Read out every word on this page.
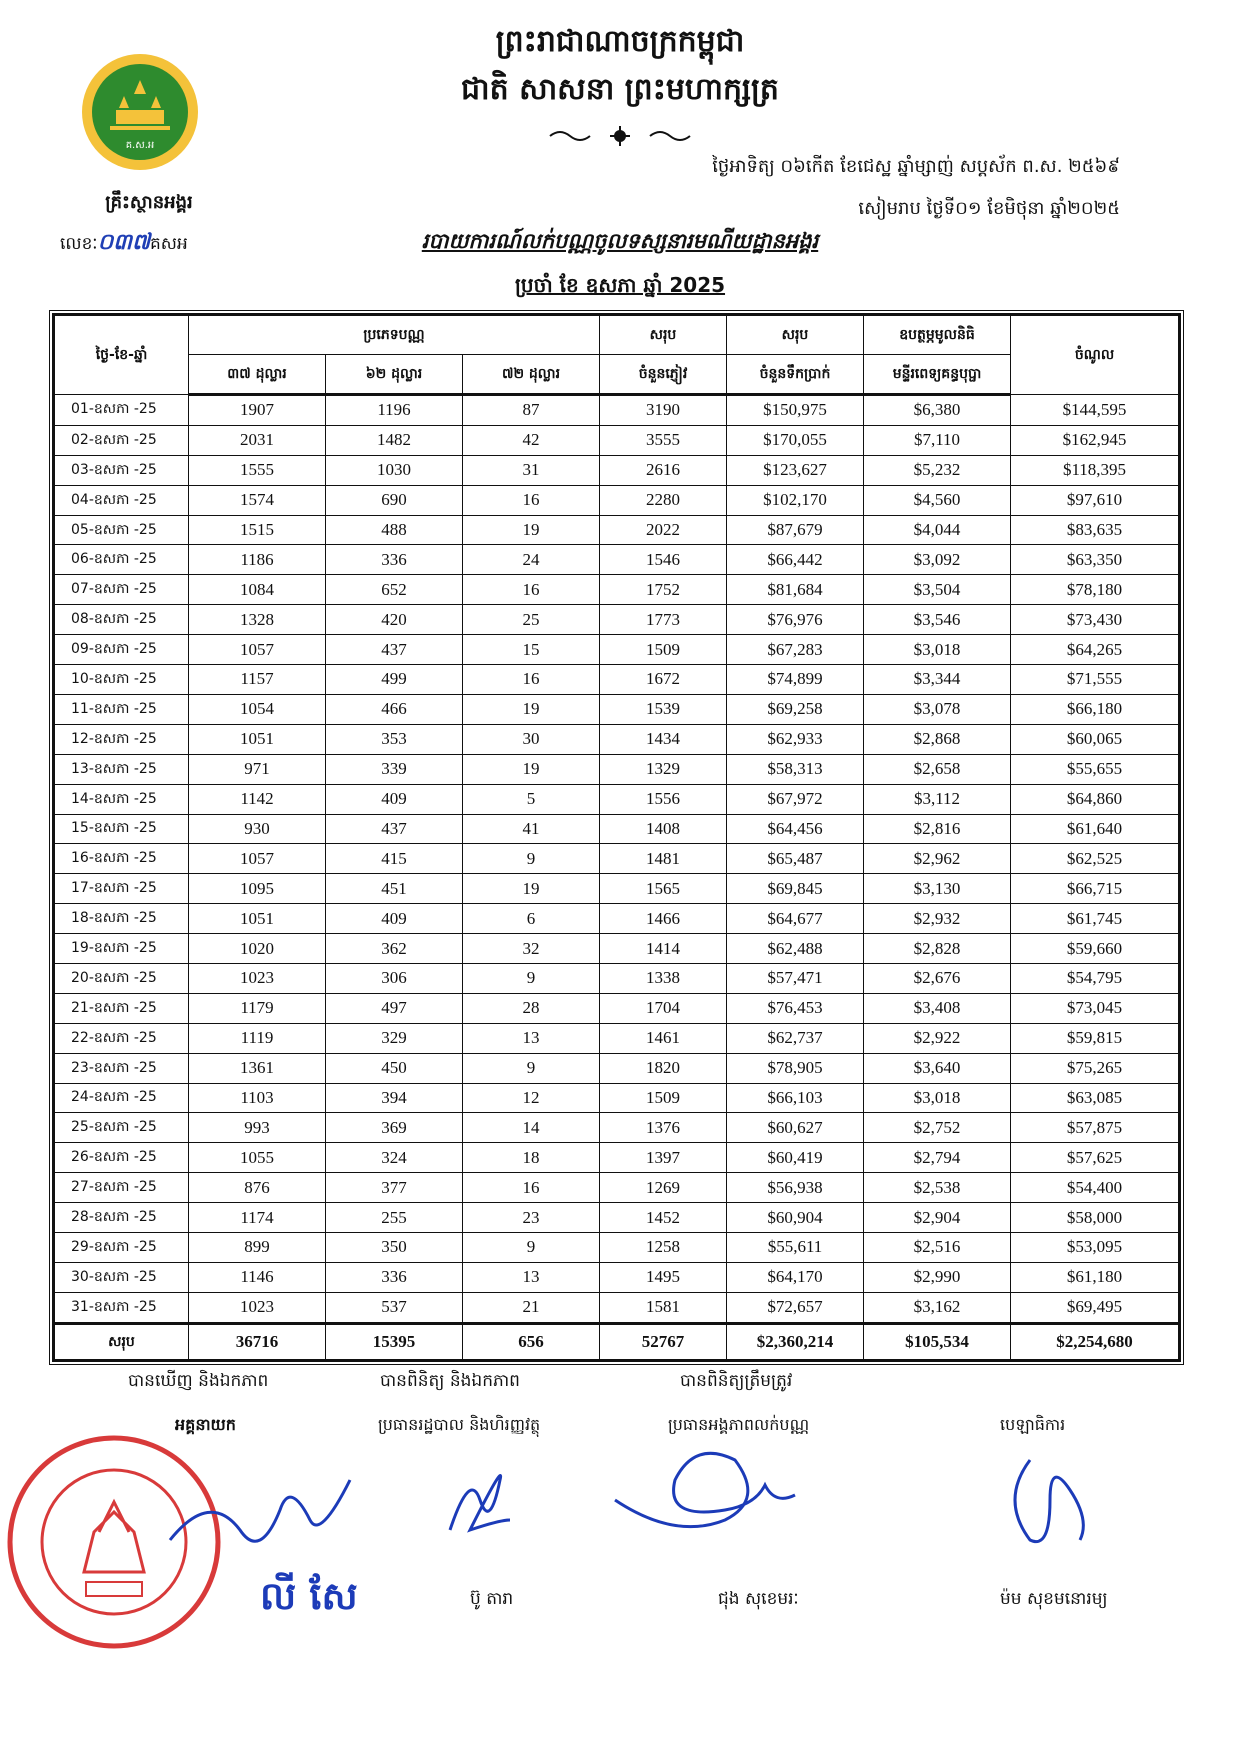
ព្រះរាជាណាចក្រកម្ពុជា
ជាតិ សាសនា ព្រះមហាក្សត្រ
គ.ស.អ
គ្រឹះស្ថានអង្គរ
លេខៈ០៣៧គសអ
ថ្ងៃអាទិត្យ ០៦កើត ខែជេស្ឋ ឆ្នាំម្សាញ់ សប្តស័ក ព.ស. ២៥៦៩
សៀមរាប ថ្ងៃទី០១ ខែមិថុនា ឆ្នាំ២០២៥
របាយការណ៍លក់បណ្ណចូលទស្សនារមណីយដ្ឋានអង្គរ
ប្រចាំ ខែ ឧសភា ឆ្នាំ 2025
ថ្ងៃ-ខែ-ឆ្នាំ	ប្រភេទបណ្ណ			សរុប	សរុប	ឧបត្ថម្ភមូលនិធិ	ចំណូល
	៣៧ ដុល្លារ	៦២ ដុល្លារ	៧២ ដុល្លារ	ចំនួនភ្ញៀវ	ចំនួនទឹកប្រាក់	មន្ទីរពេទ្យគន្ធបុប្ផា	
01-ឧសភា -25	1907	1196	87	3190	$150,975	$6,380	$144,595
02-ឧសភា -25	2031	1482	42	3555	$170,055	$7,110	$162,945
03-ឧសភា -25	1555	1030	31	2616	$123,627	$5,232	$118,395
04-ឧសភា -25	1574	690	16	2280	$102,170	$4,560	$97,610
05-ឧសភា -25	1515	488	19	2022	$87,679	$4,044	$83,635
06-ឧសភា -25	1186	336	24	1546	$66,442	$3,092	$63,350
07-ឧសភា -25	1084	652	16	1752	$81,684	$3,504	$78,180
08-ឧសភា -25	1328	420	25	1773	$76,976	$3,546	$73,430
09-ឧសភា -25	1057	437	15	1509	$67,283	$3,018	$64,265
10-ឧសភា -25	1157	499	16	1672	$74,899	$3,344	$71,555
11-ឧសភា -25	1054	466	19	1539	$69,258	$3,078	$66,180
12-ឧសភា -25	1051	353	30	1434	$62,933	$2,868	$60,065
13-ឧសភា -25	971	339	19	1329	$58,313	$2,658	$55,655
14-ឧសភា -25	1142	409	5	1556	$67,972	$3,112	$64,860
15-ឧសភា -25	930	437	41	1408	$64,456	$2,816	$61,640
16-ឧសភា -25	1057	415	9	1481	$65,487	$2,962	$62,525
17-ឧសភា -25	1095	451	19	1565	$69,845	$3,130	$66,715
18-ឧសភា -25	1051	409	6	1466	$64,677	$2,932	$61,745
19-ឧសភា -25	1020	362	32	1414	$62,488	$2,828	$59,660
20-ឧសភា -25	1023	306	9	1338	$57,471	$2,676	$54,795
21-ឧសភា -25	1179	497	28	1704	$76,453	$3,408	$73,045
22-ឧសភា -25	1119	329	13	1461	$62,737	$2,922	$59,815
23-ឧសភា -25	1361	450	9	1820	$78,905	$3,640	$75,265
24-ឧសភា -25	1103	394	12	1509	$66,103	$3,018	$63,085
25-ឧសភា -25	993	369	14	1376	$60,627	$2,752	$57,875
26-ឧសភា -25	1055	324	18	1397	$60,419	$2,794	$57,625
27-ឧសភា -25	876	377	16	1269	$56,938	$2,538	$54,400
28-ឧសភា -25	1174	255	23	1452	$60,904	$2,904	$58,000
29-ឧសភា -25	899	350	9	1258	$55,611	$2,516	$53,095
30-ឧសភា -25	1146	336	13	1495	$64,170	$2,990	$61,180
31-ឧសភា -25	1023	537	21	1581	$72,657	$3,162	$69,495
សរុប	36716	15395	656	52767	$2,360,214	$105,534	$2,254,680
បានឃើញ និងឯកភាព	បានពិនិត្យ និងឯកភាព	បានពិនិត្យត្រឹមត្រូវ
អគ្គនាយក	ប្រធានរដ្ឋបាល និងហិរញ្ញវត្ថុ	ប្រធានអង្គភាពលក់បណ្ណ	បេឡាធិការ
លី សែ	ប៊ូ តារា	ជុង សុខេមរៈ	ម៉ម សុខមនោរម្យ
